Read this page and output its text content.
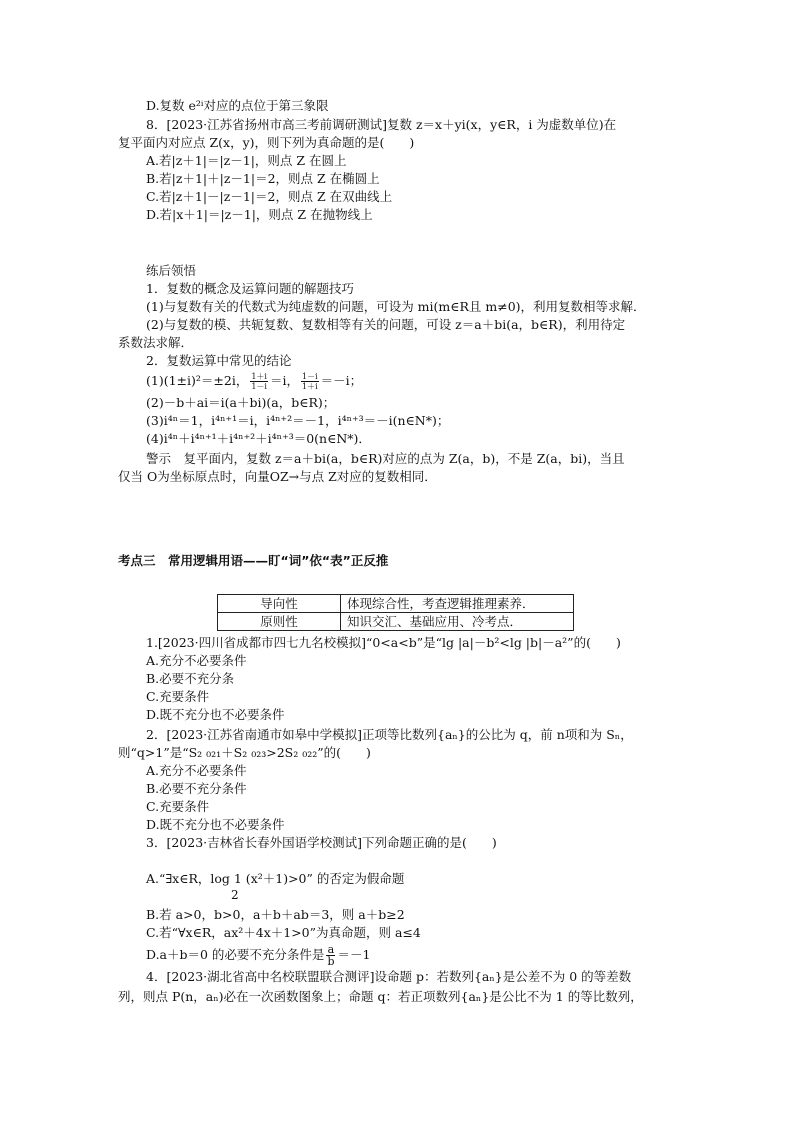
D.复数 e²ⁱ对应的点位于第三象限
8．[2023·江苏省扬州市高三考前调研测试]复数 z＝x＋yi(x，y∈R，i 为虚数单位)在
复平面内对应点 Z(x，y)，则下列为真命题的是(　　)
A.若|z＋1|＝|z－1|，则点 Z 在圆上
B.若|z＋1|＋|z－1|＝2，则点 Z 在椭圆上
C.若|z＋1|－|z－1|＝2，则点 Z 在双曲线上
D.若|x＋1|＝|z－1|，则点 Z 在抛物线上
练后领悟
1．复数的概念及运算问题的解题技巧
(1)与复数有关的代数式为纯虚数的问题，可设为 mi(m∈R且 m≠0)，利用复数相等求解．
(2)与复数的模、共轭复数、复数相等有关的问题，可设 z＝a＋bi(a，b∈R)，利用待定
系数法求解．
2．复数运算中常见的结论
(1)(1±i)²＝±2i， $\frac{1+i}{1-i} =i$， $\frac{1-i}{1+i} =-i$；
(2)－b＋ai＝i(a＋bi)(a，b∈R)；
(3)i⁴ⁿ＝1，i⁴ⁿ⁺¹＝i，i⁴ⁿ⁺²＝－1，i⁴ⁿ⁺³＝－i(n∈N*)；
(4)i⁴ⁿ＋i⁴ⁿ⁺¹＋i⁴ⁿ⁺²＋i⁴ⁿ⁺³＝0(n∈N*)．
警示　复平面内，复数 z＝a＋bi(a，b∈R)对应的点为 Z(a，b)，不是 Z(a，bi)，当且
仅当 O为坐标原点时，向量OZ→与点 Z对应的复数相同．
考点三　常用逻辑用语——盯“词”依“表”正反推
导向性	体现综合性，考查逻辑推理素养．
原则性	知识交汇、基础应用、冷考点．
1.[2023·四川省成都市四七九名校模拟]“0<a<b”是“lg |a|－b²<lg |b|－a²”的(　　)
A.充分不必要条件
B.必要不充分条
C.充要条件
D.既不充分也不必要条件
2．[2023·江苏省南通市如皋中学模拟]正项等比数列{aₙ}的公比为 q，前 n项和为 Sₙ，
则“q>1”是“S₂ ₀₂₁＋S₂ ₀₂₃>2S₂ ₀₂₂”的(　　)
A.充分不必要条件
B.必要不充分条件
C.充要条件
D.既不充分也不必要条件
3．[2023·吉林省长春外国语学校测试]下列命题正确的是(　　)
A.“∃x∈R，log 1 (x²＋1)>0” 的否定为假命题
2
B.若 a>0，b>0，a＋b＋ab＝3，则 a＋b≥2
C.若“∀x∈R，ax²＋4x＋1>0”为真命题，则 a≤4
D.a＋b＝0 的必要不充分条件是 $\frac{a}{b} =-1$
4．[2023·湖北省高中名校联盟联合测评]设命题 p：若数列{aₙ}是公差不为 0 的等差数
列，则点 P(n，aₙ)必在一次函数图象上；命题 q：若正项数列{aₙ}是公比不为 1 的等比数列，
